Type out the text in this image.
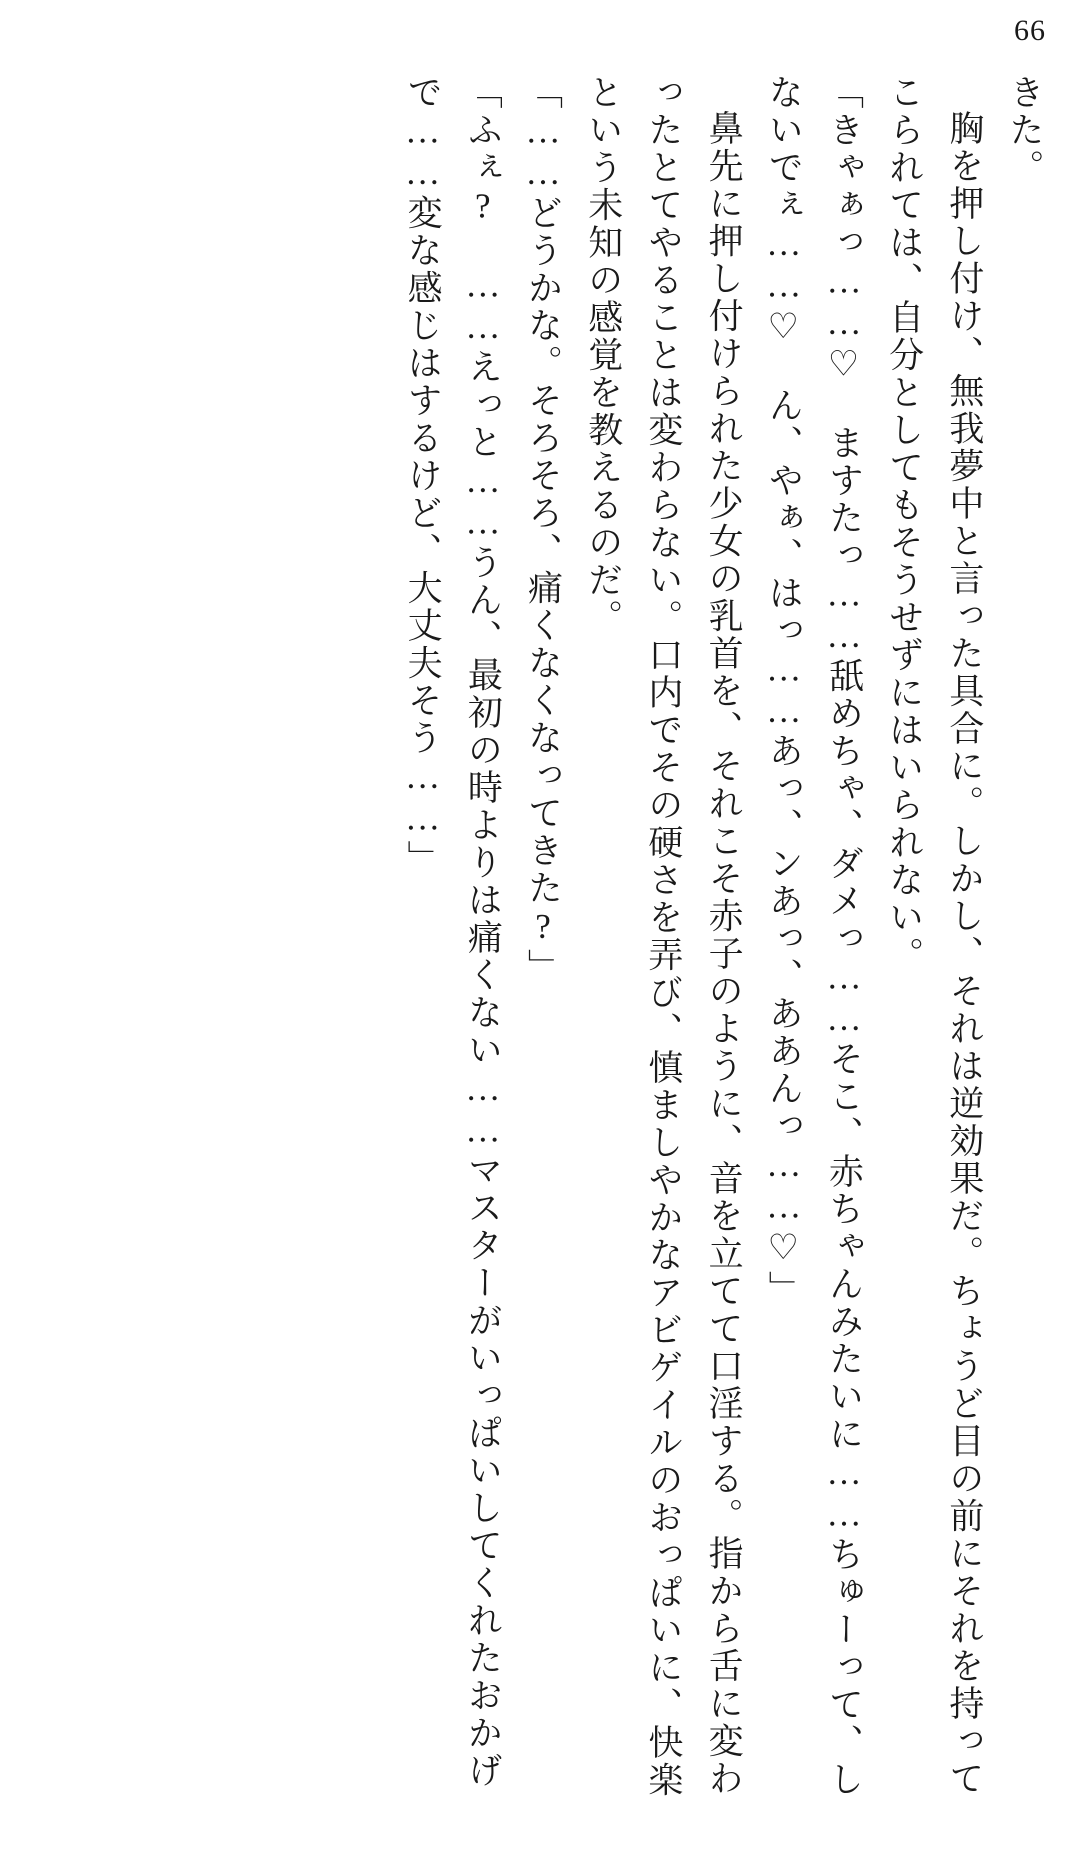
66

きた。

胸を押し付け、無我夢中と言った具合に。しかし、それは逆効果だ。ちょうど目の前にそれを持ってこられては、自分としてもそうせずにはいられない。

「きゃぁっ……♡　ますたっ……舐めちゃ、ダメっ……そこ、赤ちゃんみたいに……ちゅーって、しないでぇ……♡　ん、やぁ、はっ……あっ、ンあっ、ああんっ……♡」

鼻先に押し付けられた少女の乳首を、それこそ赤子のように、音を立てて口淫する。指から舌に変わったとてやることは変わらない。口内でその硬さを弄び、慎ましやかなアビゲイルのおっぱいに、快楽という未知の感覚を教えるのだ。

「……どうかな。そろそろ、痛くなくなってきた?」

「ふぇ?　……えっと……うん、最初の時よりは痛くない……マスターがいっぱいしてくれたおかげで……変な感じはするけど、大丈夫そう……」
